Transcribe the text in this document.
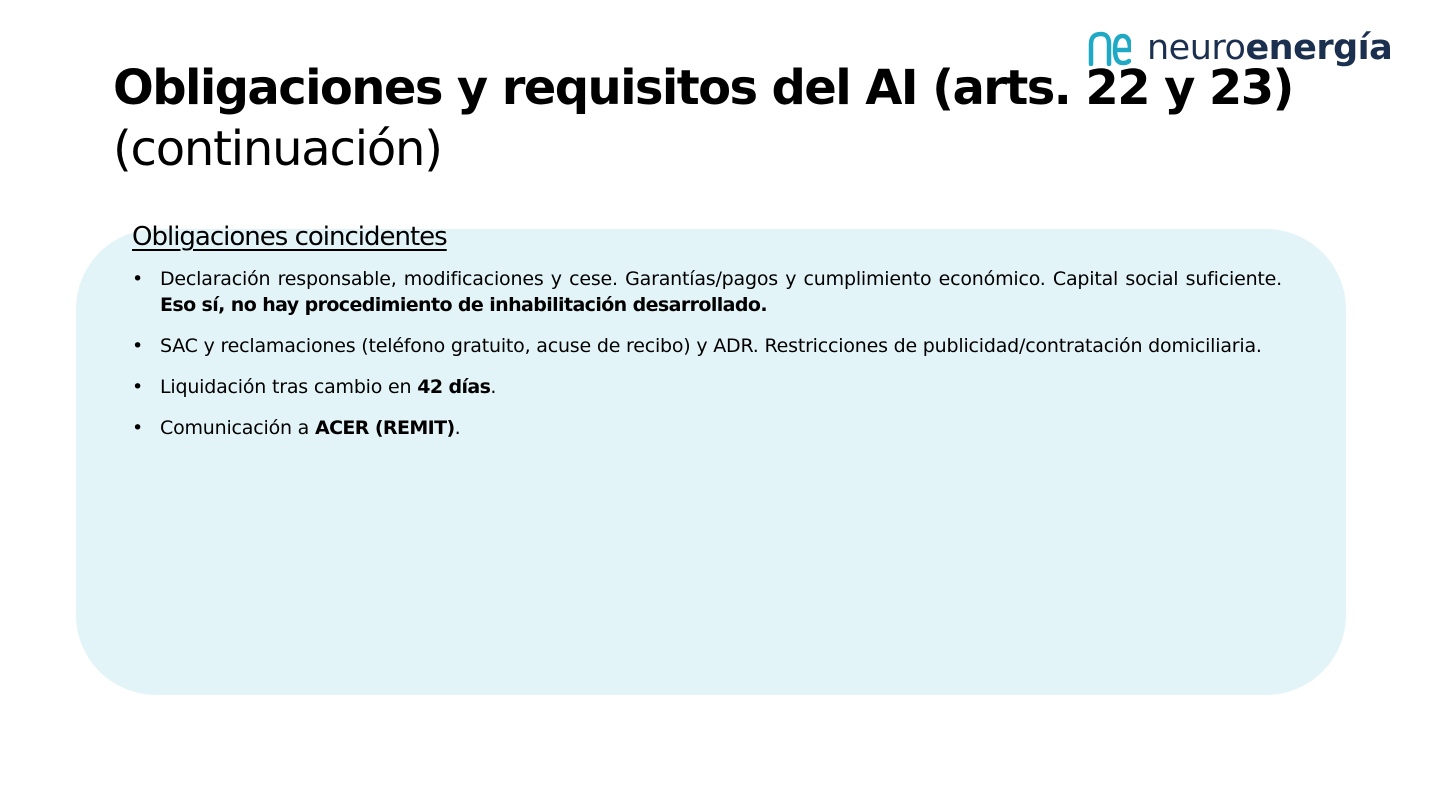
neuroenergía
Obligaciones y requisitos del AI (arts. 22 y 23)
(continuación)
Obligaciones coincidentes
• Declaración responsable, modificaciones y cese. Garantías/pagos y cumplimiento económico. Capital social suficiente. Eso sí, no hay procedimiento de inhabilitación desarrollado.
• SAC y reclamaciones (teléfono gratuito, acuse de recibo) y ADR. Restricciones de publicidad/contratación domiciliaria.
• Liquidación tras cambio en 42 días.
• Comunicación a ACER (REMIT).
